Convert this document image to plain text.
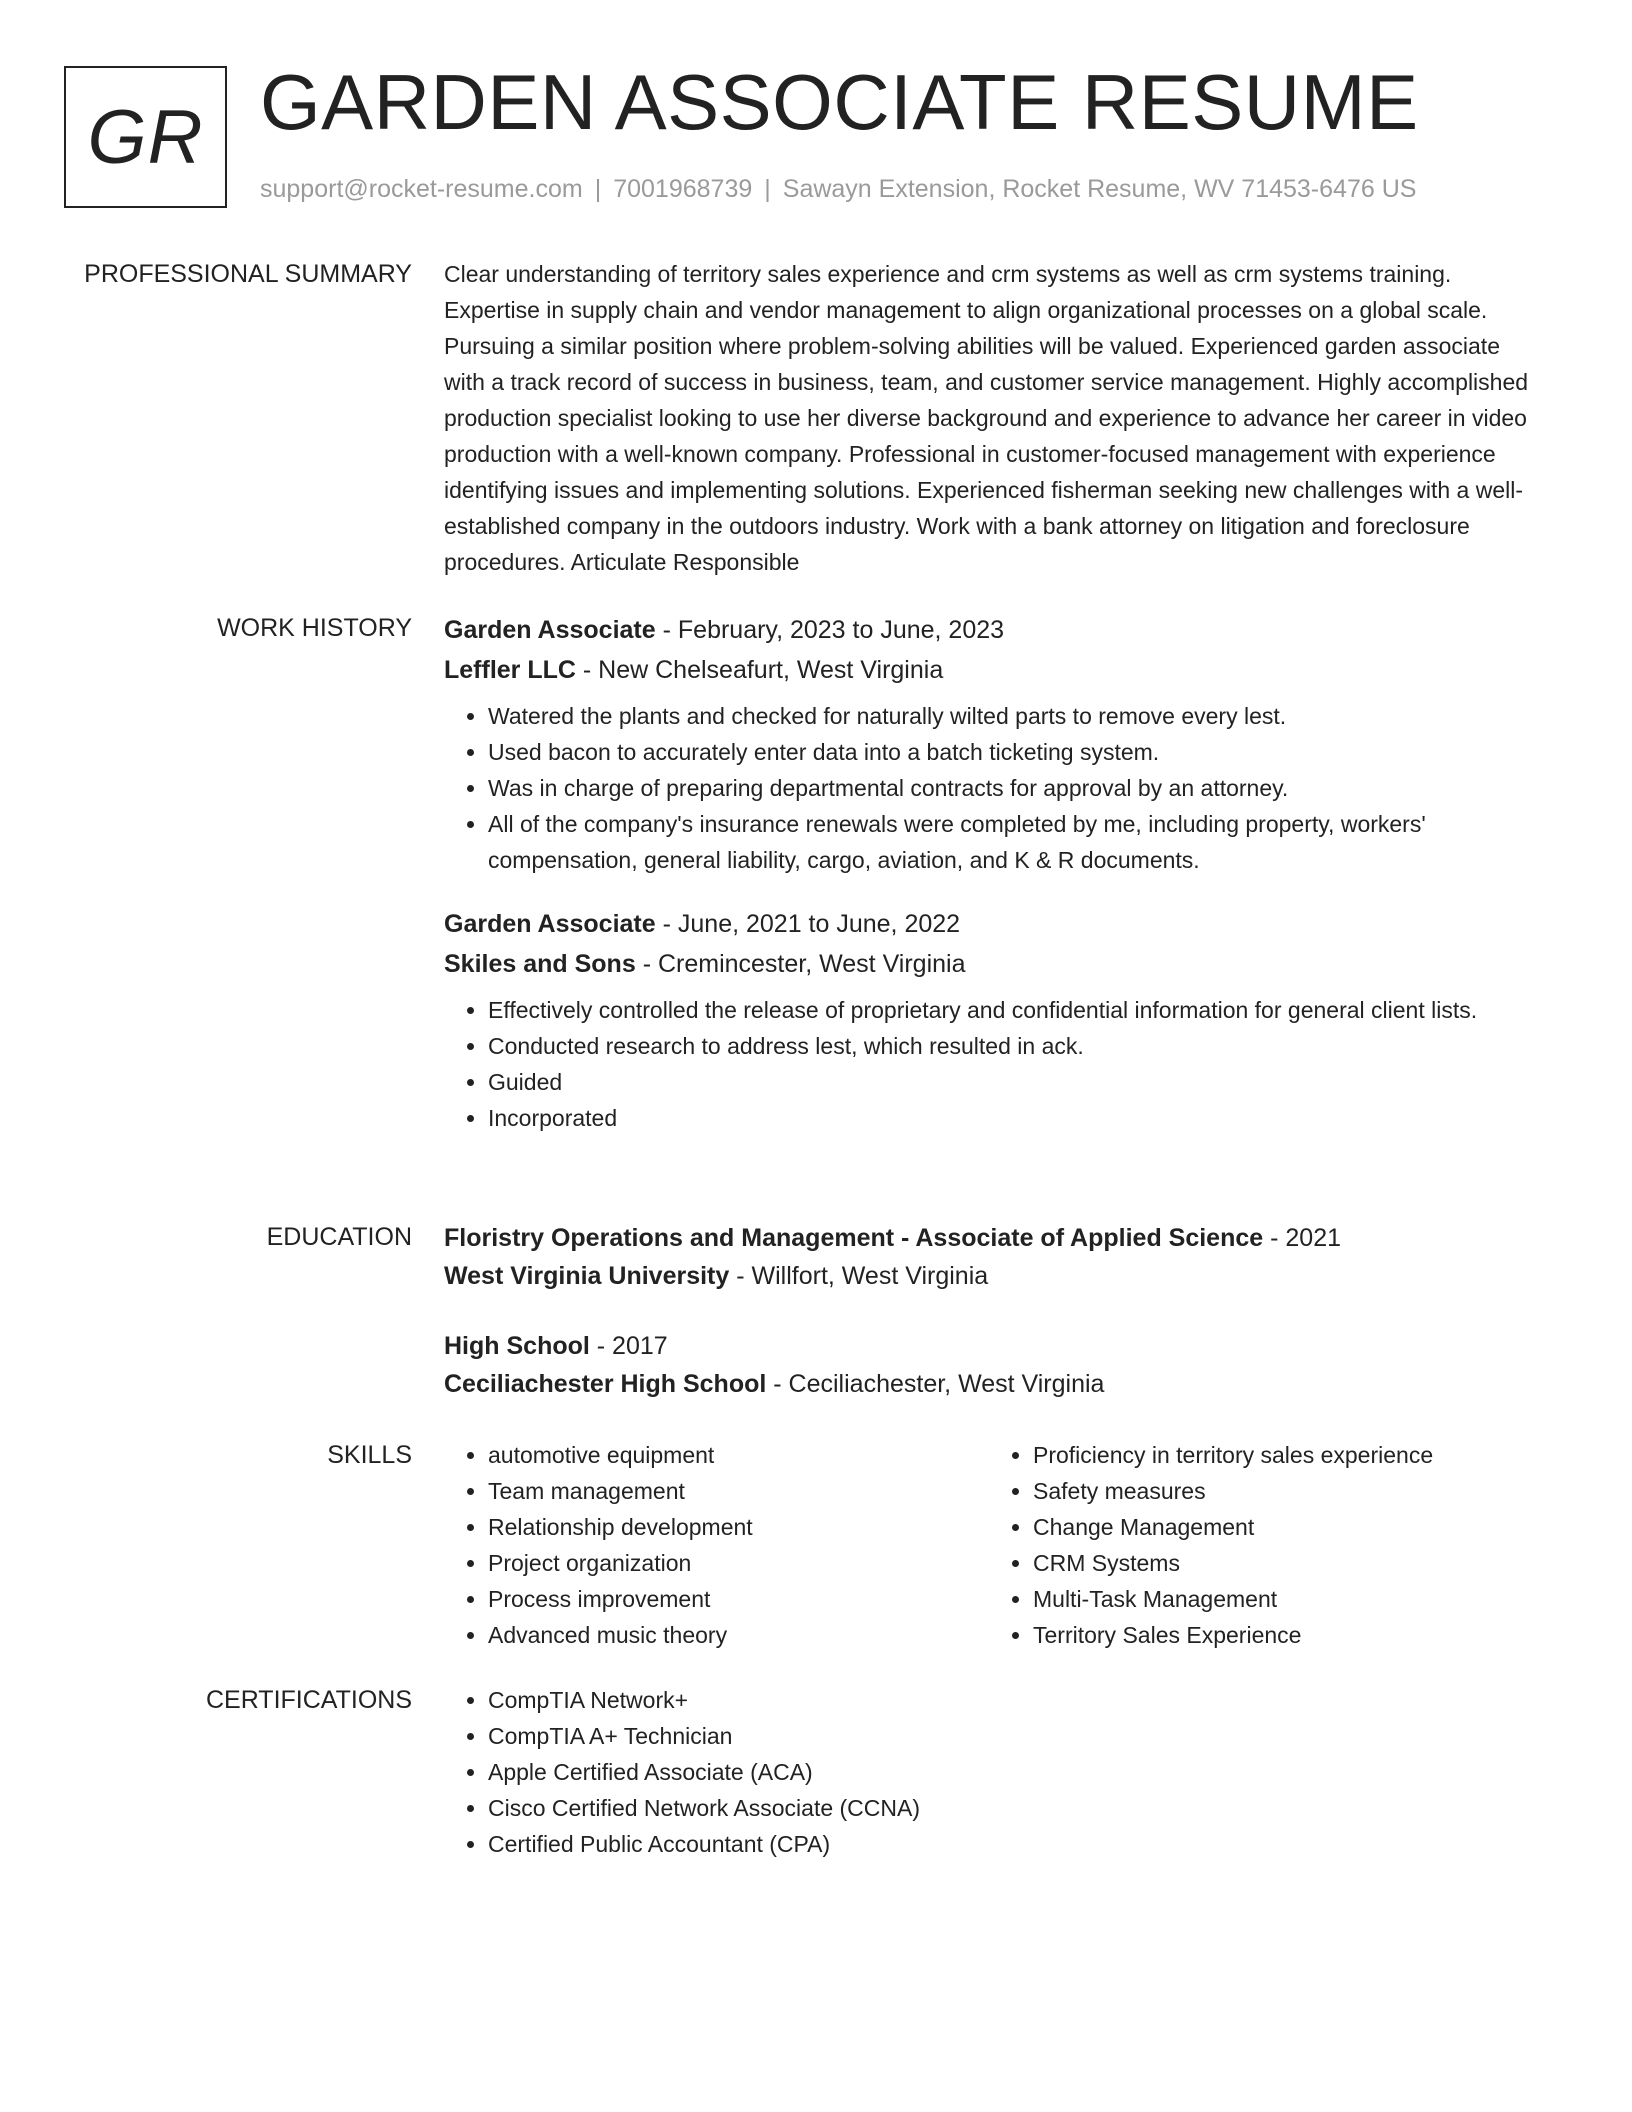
GR GARDEN ASSOCIATE RESUME
support@rocket-resume.com | 7001968739 | Sawayn Extension, Rocket Resume, WV 71453-6476 US
PROFESSIONAL SUMMARY Clear understanding of territory sales experience and crm systems as well as crm systems training. Expertise in supply chain and vendor management to align organizational processes on a global scale. Pursuing a similar position where problem-solving abilities will be valued. Experienced garden associate with a track record of success in business, team, and customer service management. Highly accomplished production specialist looking to use her diverse background and experience to advance her career in video production with a well-known company. Professional in customer-focused management with experience identifying issues and implementing solutions. Experienced fisherman seeking new challenges with a well-established company in the outdoors industry. Work with a bank attorney on litigation and foreclosure procedures. Articulate Responsible

WORK HISTORY Garden Associate - February, 2023 to June, 2023

Leffler LLC - New Chelseafurt, West Virginia

• Watered the plants and checked for naturally wilted parts to remove every lest.
• Used bacon to accurately enter data into a batch ticketing system.
• Was in charge of preparing departmental contracts for approval by an attorney.
• All of the company's insurance renewals were completed by me, including property, workers' compensation, general liability, cargo, aviation, and K & R documents.

Garden Associate - June, 2021 to June, 2022

Skiles and Sons - Cremincester, West Virginia

• Effectively controlled the release of proprietary and confidential information for general client lists.
• Conducted research to address lest, which resulted in ack.
• Guided
• Incorporated
EDUCATION Floristry Operations and Management - Associate of Applied Science - 2021

West Virginia University - Willfort, West Virginia

High School - 2017

Ceciliachester High School - Ceciliachester, West Virginia

SKILLS	• automotive equipment
• Team management
• Relationship development
• Project organization
• Process improvement
• Advanced music theory
• Proficiency in territory sales experience
• Safety measures
• Change Management
• CRM Systems
• Multi-Task Management
• Territory Sales Experience
CERTIFICATIONS	• CompTIA Network+
• CompTIA A+ Technician
• Apple Certified Associate (ACA)
• Cisco Certified Network Associate (CCNA)
• Certified Public Accountant (CPA)
